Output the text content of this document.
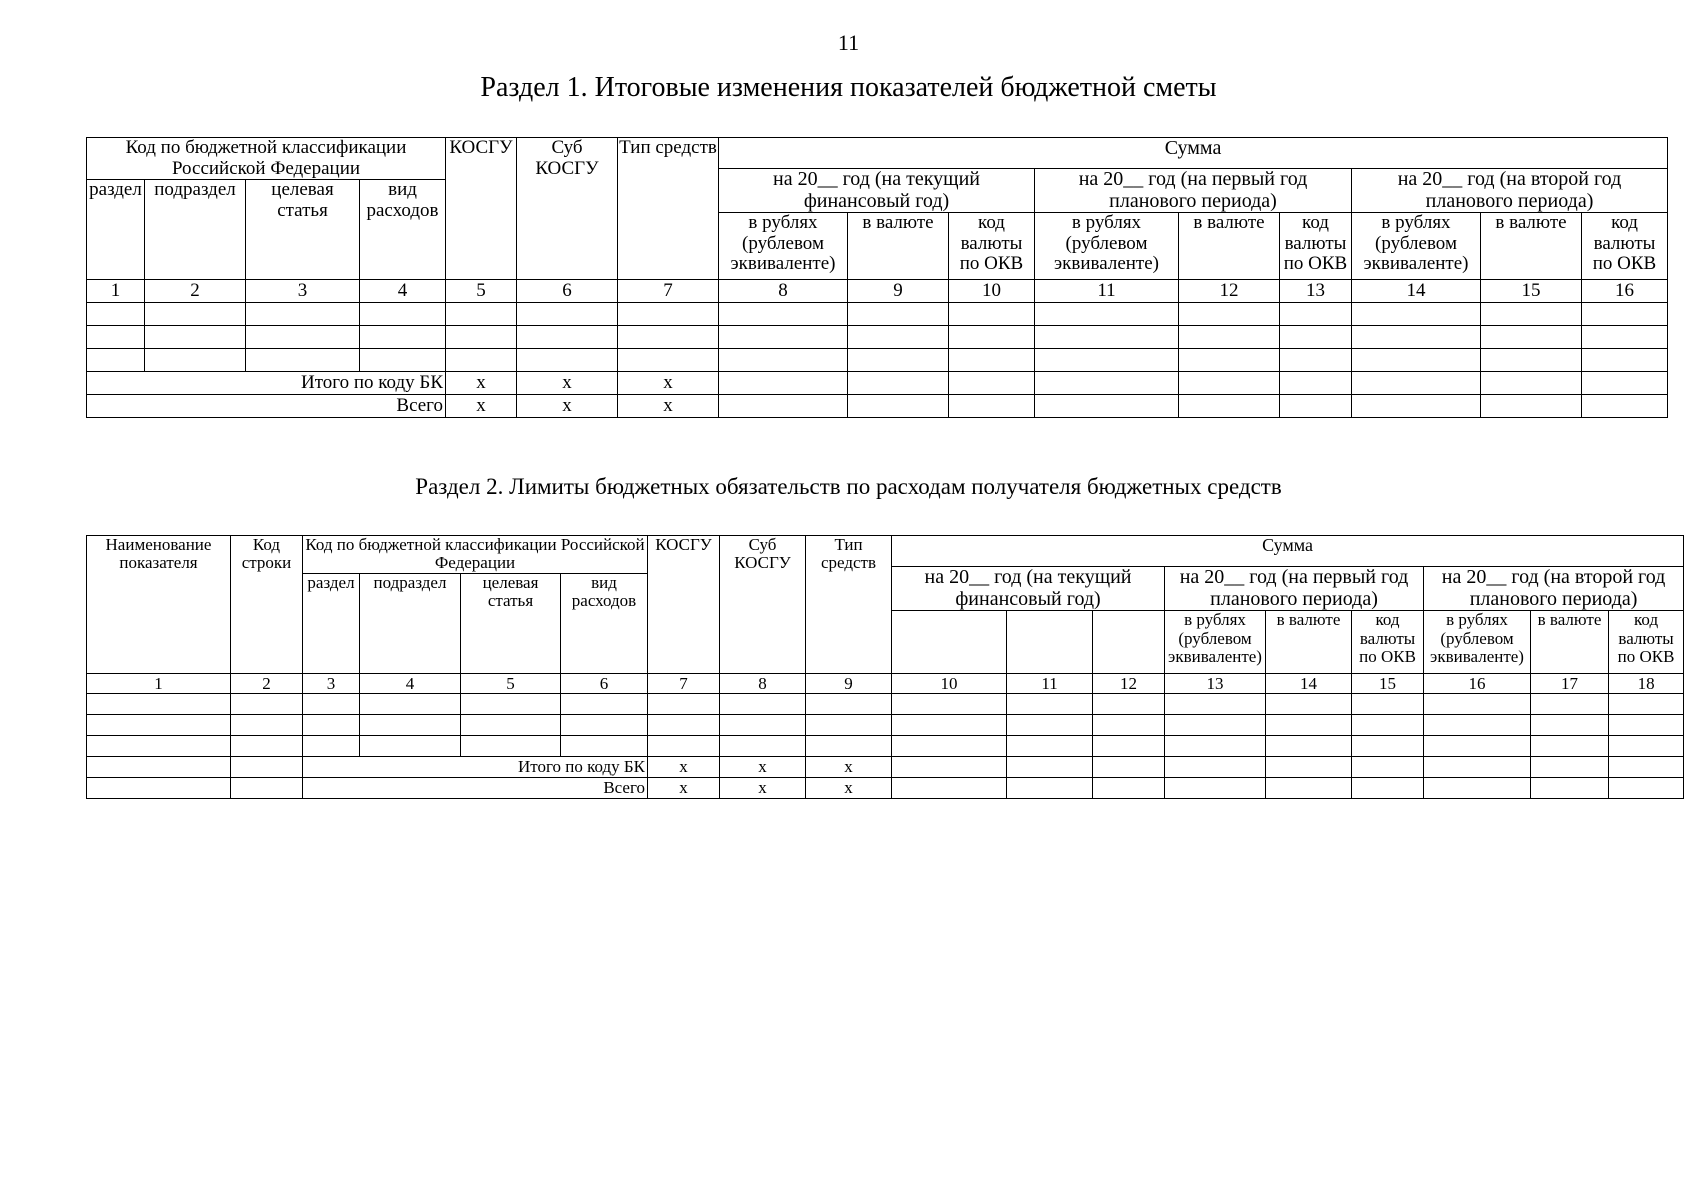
11
Раздел 1. Итоговые изменения показателей бюджетной сметы
Код по бюджетной классификации Российской Федерации				КОСГУ	Суб КОСГУ	Тип средств	Сумма								
							на 20__ год (на текущий финансовый год)			на 20__ год (на первый год планового периода)			на 20__ год (на второй год планового периода)		
раздел	подраздел	целевая статья	вид расходов												
							в рублях (рублевом эквиваленте)	в валюте	код валюты по ОКВ	в рублях (рублевом эквиваленте)	в валюте	код валюты по ОКВ	в рублях (рублевом эквиваленте)	в валюте	код валюты по ОКВ
1	2	3	4	5	6	7	8	9	10	11	12	13	14	15	16

Итого по коду БК				x	x	x									
Всего				x	x	x									
Раздел 2. Лимиты бюджетных обязательств по расходам получателя бюджетных средств
Наименование показателя	Код строки	Код по бюджетной классификации Российской Федерации				КОСГУ	Суб КОСГУ	Тип средств	Сумма								
									на 20__ год (на текущий финансовый год)			на 20__ год (на первый год планового периода)			на 20__ год (на второй год планового периода)		
		раздел	подраздел	целевая статья	вид расходов												
												в рублях (рублевом эквиваленте)	в валюте	код валюты по ОКВ	в рублях (рублевом эквиваленте)	в валюте	код валюты по ОКВ
1	2	3	4	5	6	7	8	9	10	11	12	13	14	15	16	17	18

		Итого по коду БК				x	x	x									
		Всего				x	x	x									
